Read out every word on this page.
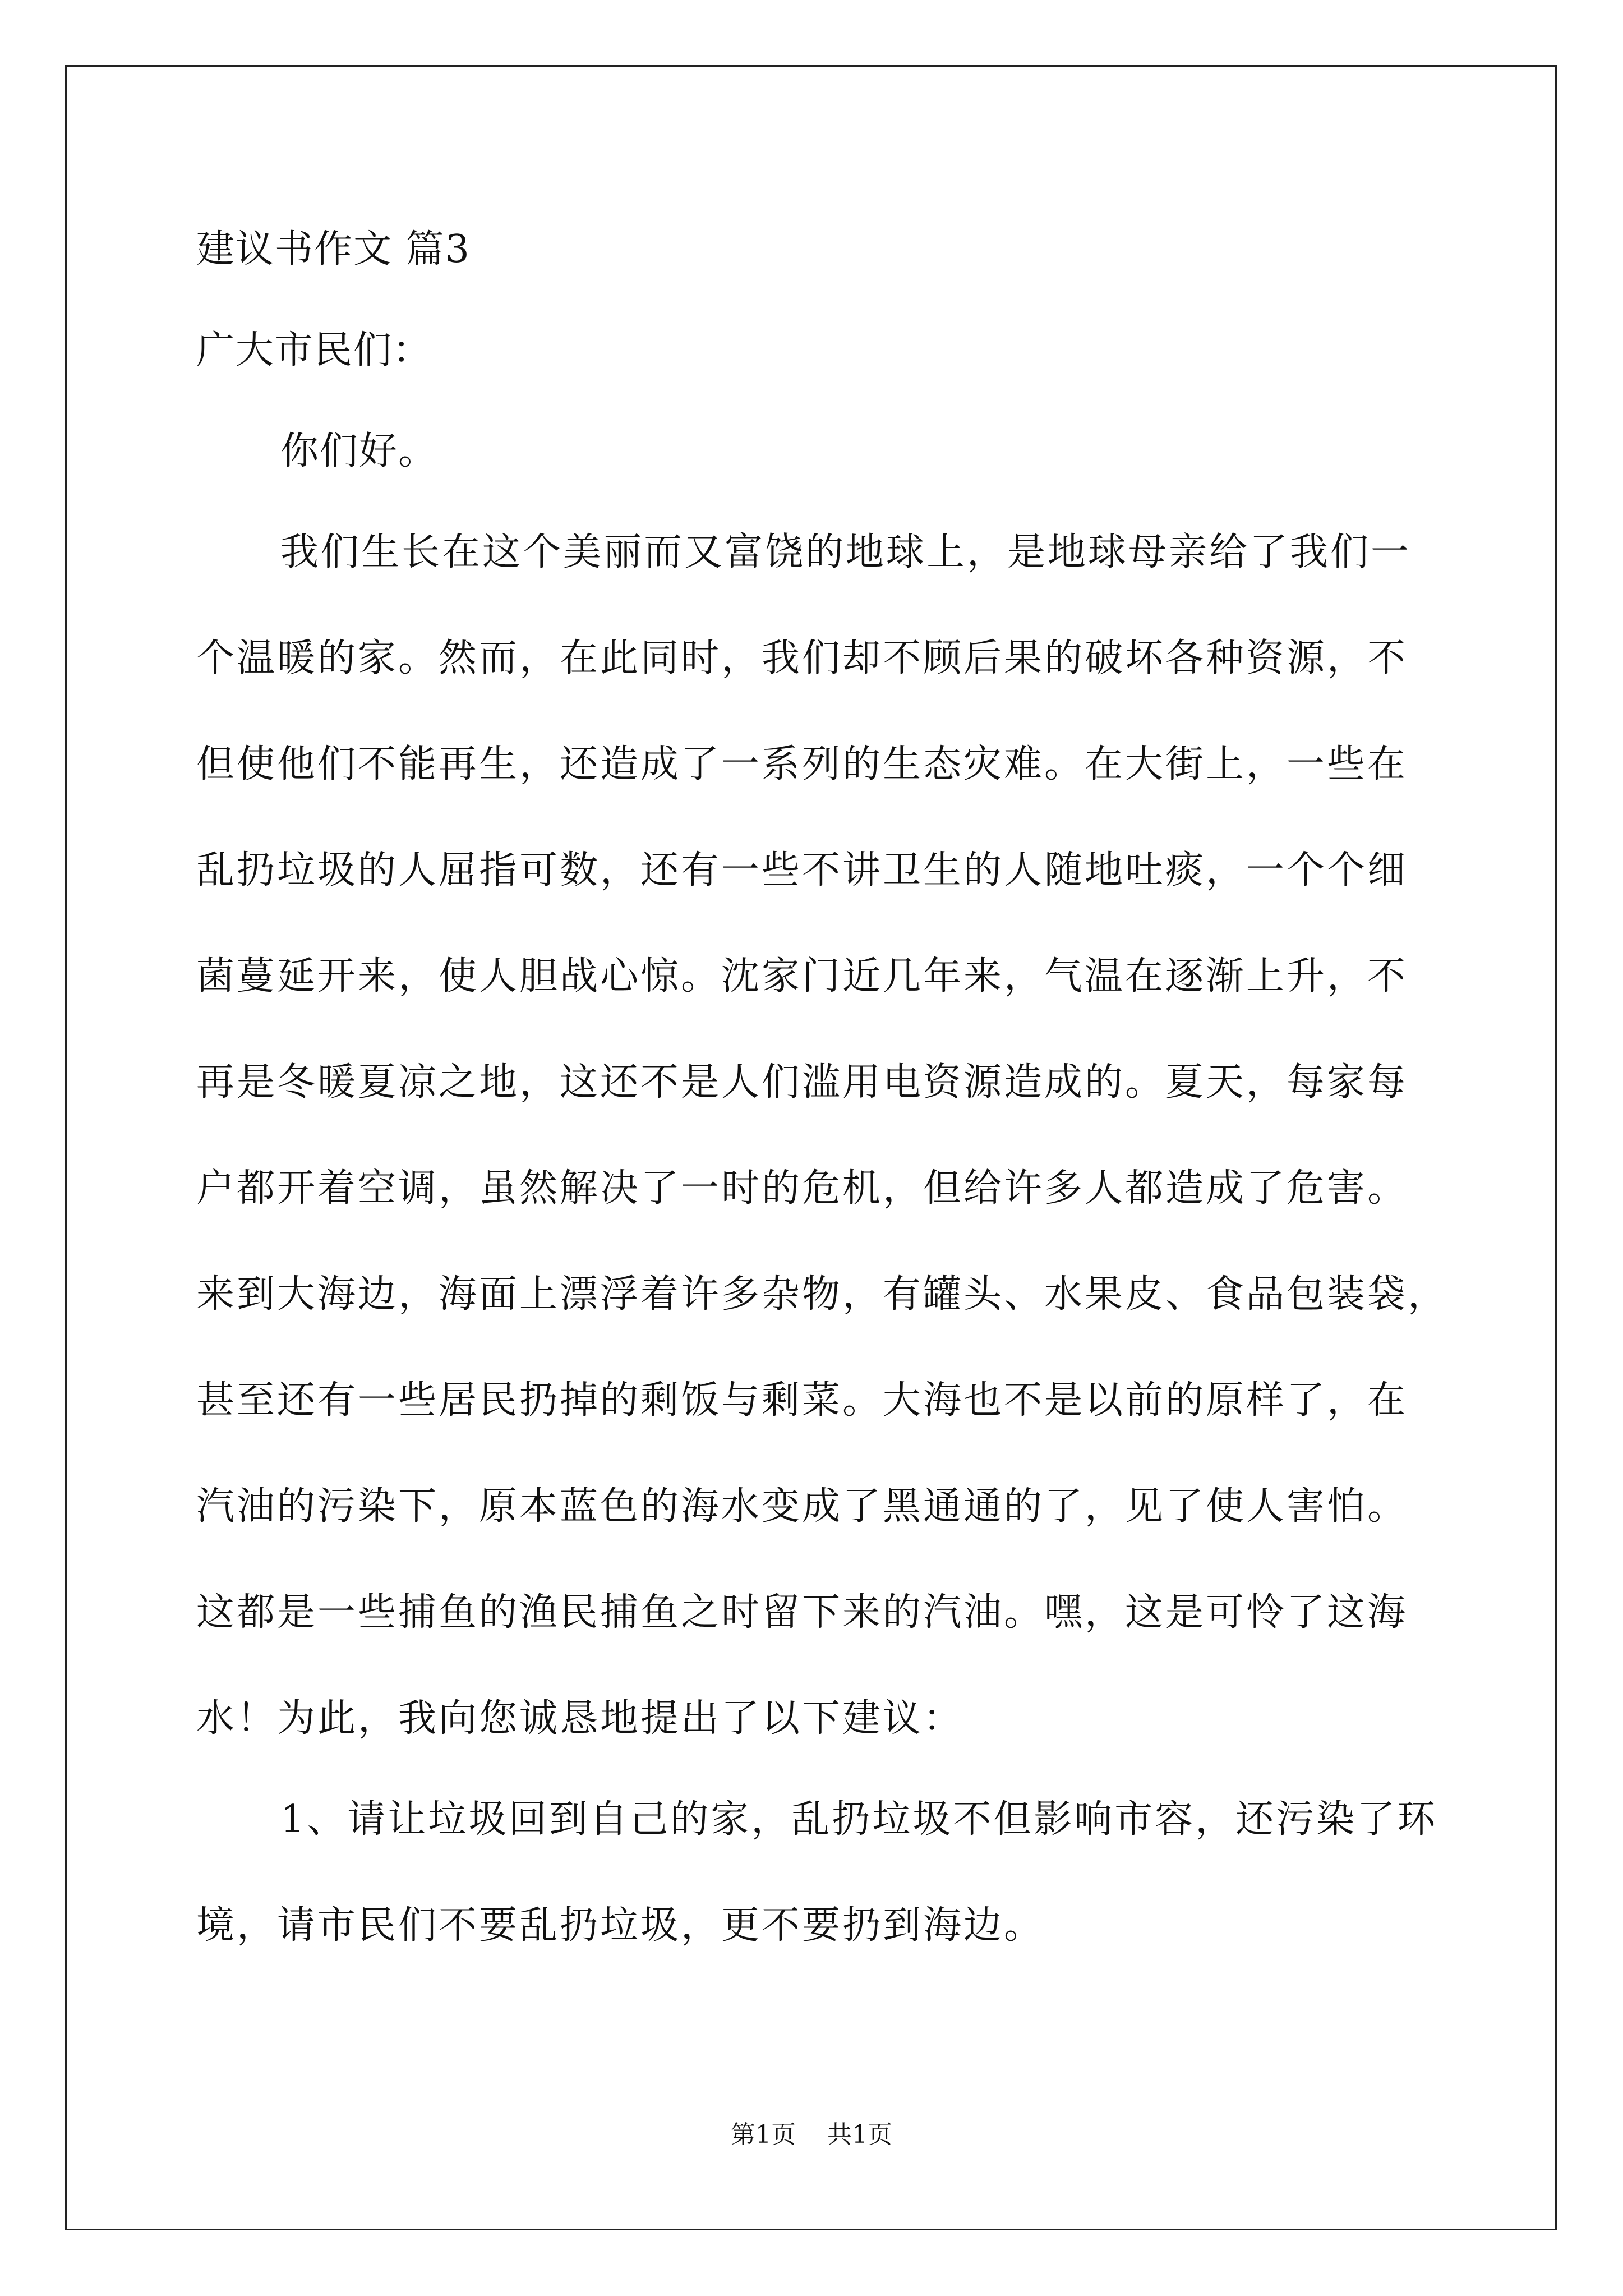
建议书作文 篇3
广大市民们：
你们好。
我们生长在这个美丽而又富饶的地球上，是地球母亲给了我们一
个温暖的家。然而，在此同时，我们却不顾后果的破坏各种资源，不
但使他们不能再生，还造成了一系列的生态灾难。在大街上，一些在
乱扔垃圾的人屈指可数，还有一些不讲卫生的人随地吐痰，一个个细
菌蔓延开来，使人胆战心惊。沈家门近几年来，气温在逐渐上升，不
再是冬暖夏凉之地，这还不是人们滥用电资源造成的。夏天，每家每
户都开着空调，虽然解决了一时的危机，但给许多人都造成了危害。
来到大海边，海面上漂浮着许多杂物，有罐头、水果皮、食品包装袋，
甚至还有一些居民扔掉的剩饭与剩菜。大海也不是以前的原样了，在
汽油的污染下，原本蓝色的海水变成了黑通通的了，见了使人害怕。
这都是一些捕鱼的渔民捕鱼之时留下来的汽油。嘿，这是可怜了这海
水！为此，我向您诚恳地提出了以下建议：
1、请让垃圾回到自己的家，乱扔垃圾不但影响市容，还污染了环
境，请市民们不要乱扔垃圾，更不要扔到海边。
第1页    共1页
